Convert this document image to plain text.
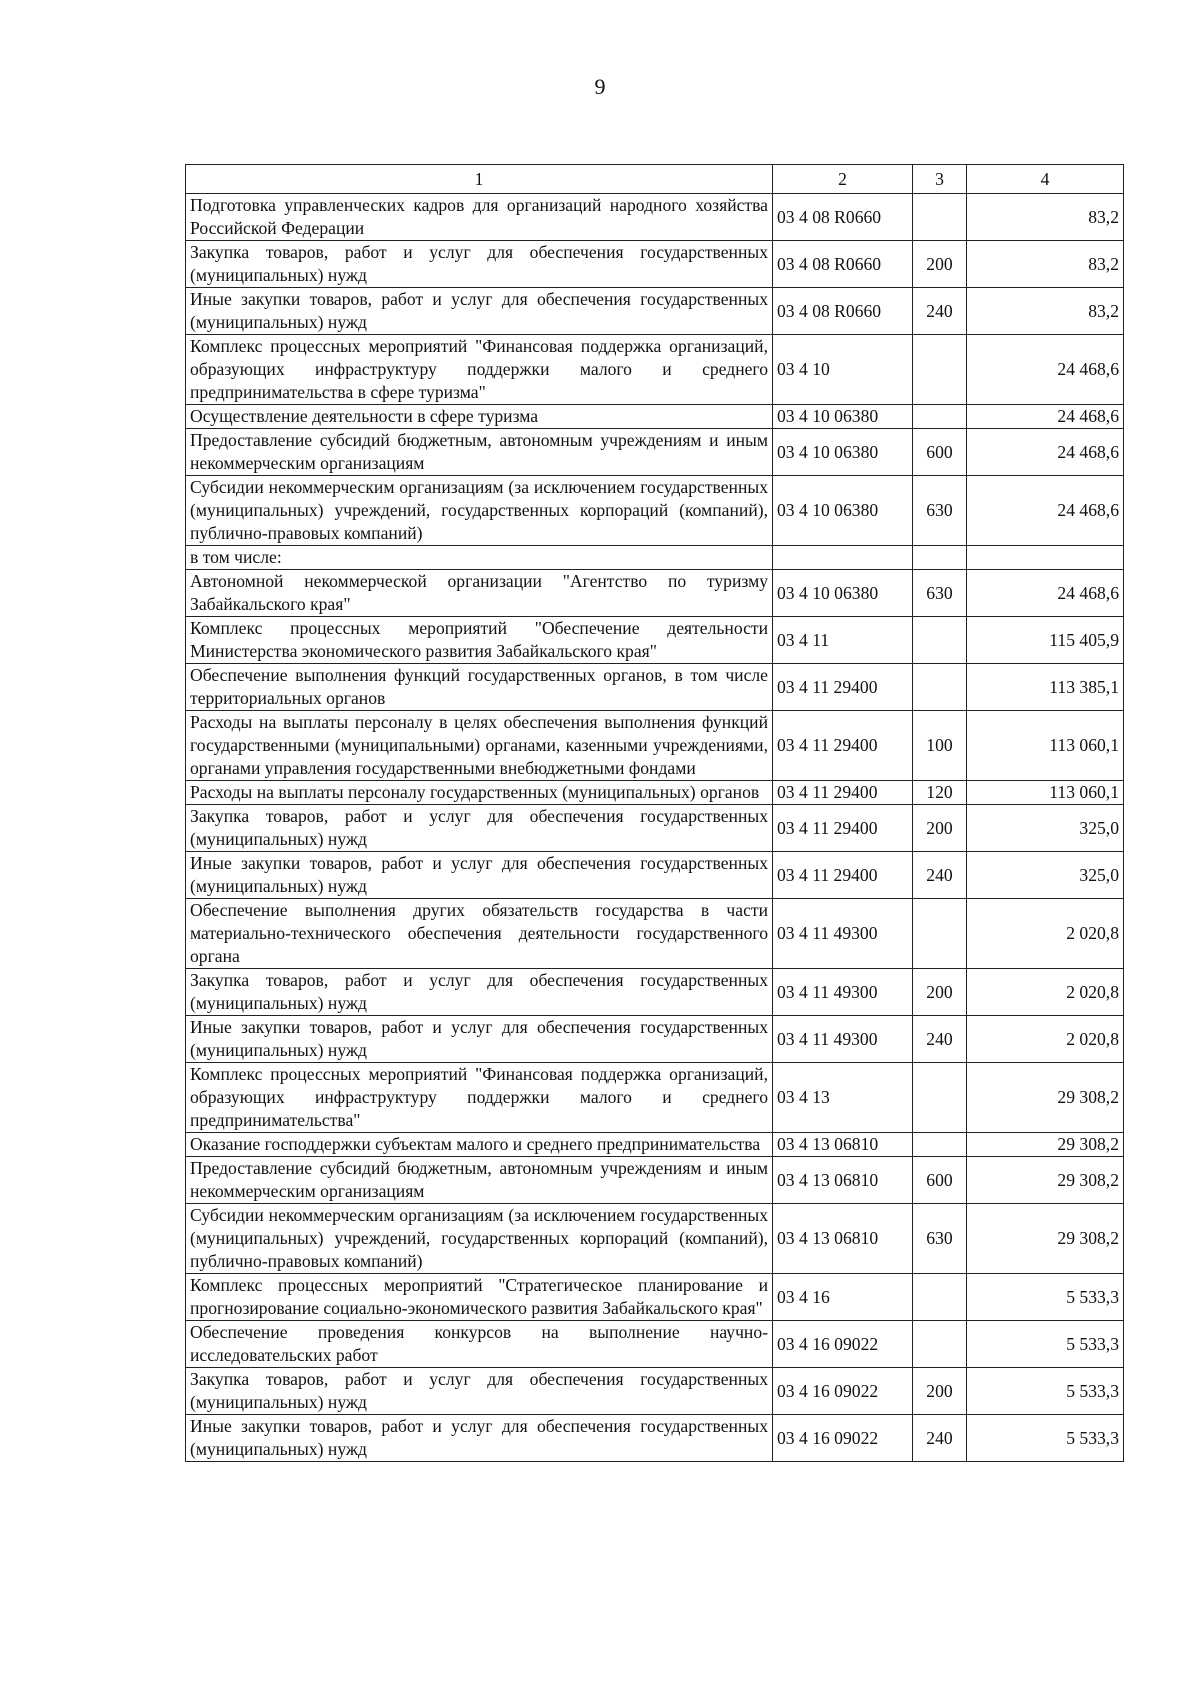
9
1	2	3	4
Подготовка управленческих кадров для организаций народного хозяйства Российской Федерации	03 4 08 R0660		83,2
Закупка товаров, работ и услуг для обеспечения государственных (муниципальных) нужд	03 4 08 R0660	200	83,2
Иные закупки товаров, работ и услуг для обеспечения государственных (муниципальных) нужд	03 4 08 R0660	240	83,2
Комплекс процессных мероприятий "Финансовая поддержка организаций, образующих инфраструктуру поддержки малого и среднего предпринимательства в сфере туризма"	03 4 10		24 468,6
Осуществление деятельности в сфере туризма	03 4 10 06380		24 468,6
Предоставление субсидий бюджетным, автономным учреждениям и иным некоммерческим организациям	03 4 10 06380	600	24 468,6
Субсидии некоммерческим организациям (за исключением государственных (муниципальных) учреждений, государственных корпораций (компаний), публично-правовых компаний)	03 4 10 06380	630	24 468,6
в том числе:			
Автономной некоммерческой организации "Агентство по туризму Забайкальского края"	03 4 10 06380	630	24 468,6
Комплекс процессных мероприятий "Обеспечение деятельности Министерства экономического развития Забайкальского края"	03 4 11		115 405,9
Обеспечение выполнения функций государственных органов, в том числе территориальных органов	03 4 11 29400		113 385,1
Расходы на выплаты персоналу в целях обеспечения выполнения функций государственными (муниципальными) органами, казенными учреждениями, органами управления государственными внебюджетными фондами	03 4 11 29400	100	113 060,1
Расходы на выплаты персоналу государственных (муниципальных) органов	03 4 11 29400	120	113 060,1
Закупка товаров, работ и услуг для обеспечения государственных (муниципальных) нужд	03 4 11 29400	200	325,0
Иные закупки товаров, работ и услуг для обеспечения государственных (муниципальных) нужд	03 4 11 29400	240	325,0
Обеспечение выполнения других обязательств государства в части материально-технического обеспечения деятельности государственного органа	03 4 11 49300		2 020,8
Закупка товаров, работ и услуг для обеспечения государственных (муниципальных) нужд	03 4 11 49300	200	2 020,8
Иные закупки товаров, работ и услуг для обеспечения государственных (муниципальных) нужд	03 4 11 49300	240	2 020,8
Комплекс процессных мероприятий "Финансовая поддержка организаций, образующих инфраструктуру поддержки малого и среднего предпринимательства"	03 4 13		29 308,2
Оказание господдержки субъектам малого и среднего предпринимательства	03 4 13 06810		29 308,2
Предоставление субсидий бюджетным, автономным учреждениям и иным некоммерческим организациям	03 4 13 06810	600	29 308,2
Субсидии некоммерческим организациям (за исключением государственных (муниципальных) учреждений, государственных корпораций (компаний), публично-правовых компаний)	03 4 13 06810	630	29 308,2
Комплекс процессных мероприятий "Стратегическое планирование и прогнозирование социально-экономического развития Забайкальского края"	03 4 16		5 533,3
Обеспечение проведения конкурсов на выполнение научно-исследовательских работ	03 4 16 09022		5 533,3
Закупка товаров, работ и услуг для обеспечения государственных (муниципальных) нужд	03 4 16 09022	200	5 533,3
Иные закупки товаров, работ и услуг для обеспечения государственных (муниципальных) нужд	03 4 16 09022	240	5 533,3
